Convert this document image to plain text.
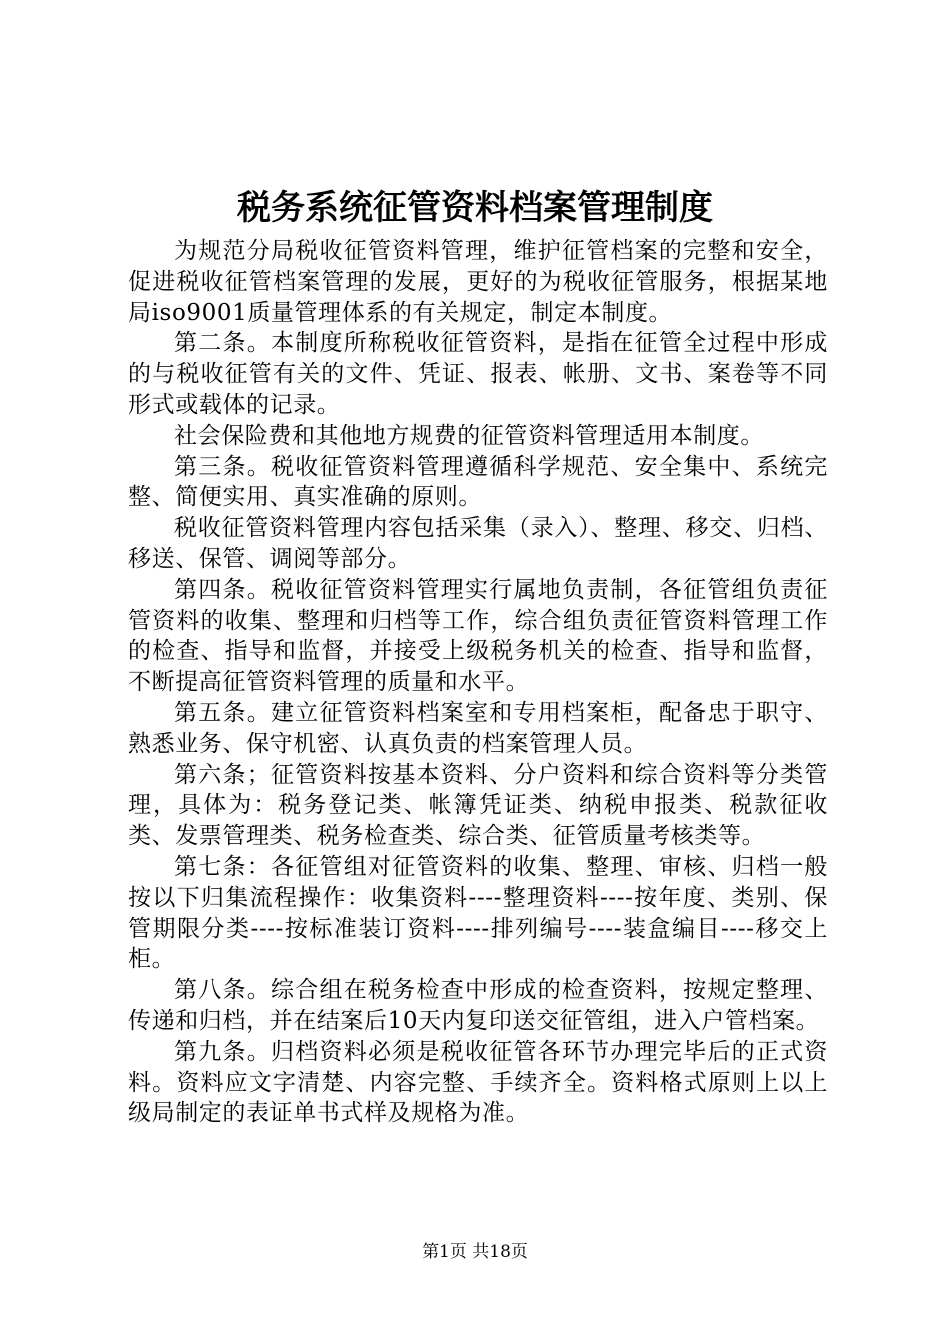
税务系统征管资料档案管理制度

为规范分局税收征管资料管理，维护征管档案的完整和安全，促进税收征管档案管理的发展，更好的为税收征管服务，根据某地局iso9001质量管理体系的有关规定，制定本制度。

第二条。本制度所称税收征管资料，是指在征管全过程中形成的与税收征管有关的文件、凭证、报表、帐册、文书、案卷等不同形式或载体的记录。

社会保险费和其他地方规费的征管资料管理适用本制度。

第三条。税收征管资料管理遵循科学规范、安全集中、系统完整、简便实用、真实准确的原则。

税收征管资料管理内容包括采集（录入）、整理、移交、归档、移送、保管、调阅等部分。

第四条。税收征管资料管理实行属地负责制，各征管组负责征管资料的收集、整理和归档等工作，综合组负责征管资料管理工作的检查、指导和监督，并接受上级税务机关的检查、指导和监督，不断提高征管资料管理的质量和水平。

第五条。建立征管资料档案室和专用档案柜，配备忠于职守、熟悉业务、保守机密、认真负责的档案管理人员。

第六条；征管资料按基本资料、分户资料和综合资料等分类管理，具体为：税务登记类、帐簿凭证类、纳税申报类、税款征收类、发票管理类、税务检查类、综合类、征管质量考核类等。

第七条：各征管组对征管资料的收集、整理、审核、归档一般按以下归集流程操作：收集资料----整理资料----按年度、类别、保管期限分类----按标准装订资料----排列编号----装盒编目----移交上柜。

第八条。综合组在税务检查中形成的检查资料，按规定整理、传递和归档，并在结案后10天内复印送交征管组，进入户管档案。

第九条。归档资料必须是税收征管各环节办理完毕后的正式资料。资料应文字清楚、内容完整、手续齐全。资料格式原则上以上级局制定的表证单书式样及规格为准。

第1页 共18页
